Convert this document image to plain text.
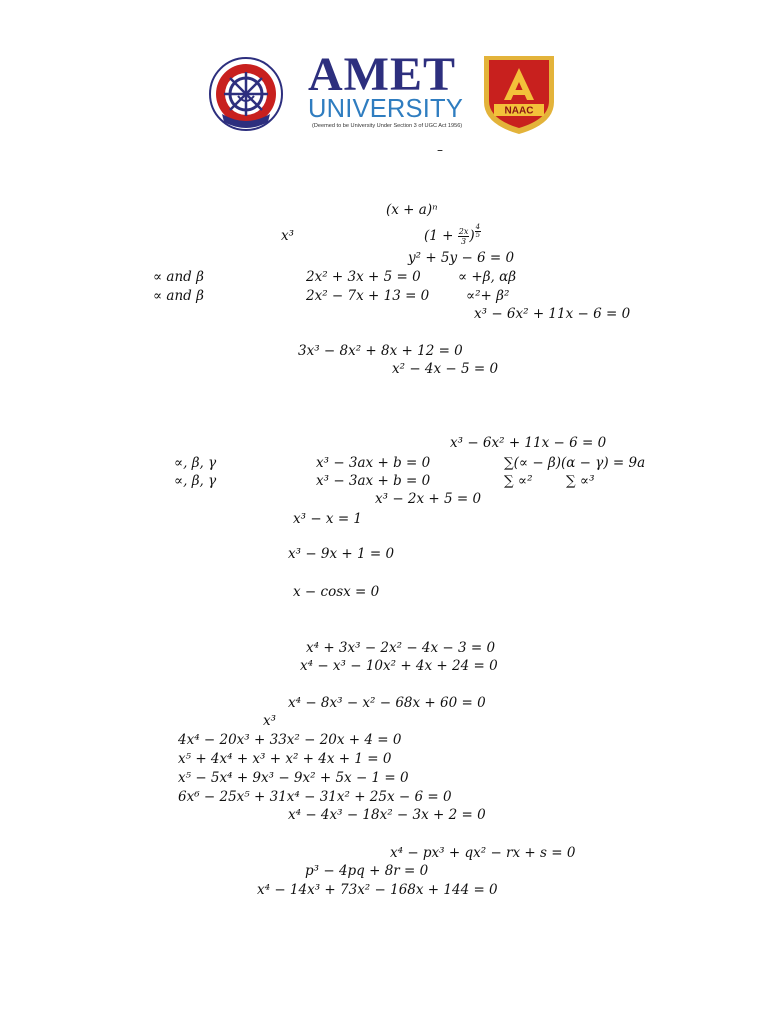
AMET
UNIVERSITY
(Deemed to be University Under Section 3 of UGC Act 1956)
NAAC
–
(x + a)ⁿ
x³	($1 + \frac{2x}{3}$ ) $^{\frac{4}{5}}$
y² + 5y − 6 = 0
∝ and β	2x² + 3x + 5 = 0	∝ +β, αβ
∝ and β	2x² − 7x + 13 = 0	∝²+ β²
x³ − 6x² + 11x − 6 = 0
3x³ − 8x² + 8x + 12 = 0
x² − 4x − 5 = 0
x³ − 6x² + 11x − 6 = 0
∝, β, γ	x³ − 3ax + b = 0	∑(∝ − β)(α − γ) = 9a
∝, β, γ	x³ − 3ax + b = 0	∑ ∝² ∑ ∝³
x³ − 2x + 5 = 0
x³ − x = 1
x³ − 9x + 1 = 0
x − cosx = 0
x⁴ + 3x³ − 2x² − 4x − 3 = 0
x⁴ − x³ − 10x² + 4x + 24 = 0
x⁴ − 8x³ − x² − 68x + 60 = 0
x³
4x⁴ − 20x³ + 33x² − 20x + 4 = 0
x⁵ + 4x⁴ + x³ + x² + 4x + 1 = 0
x⁵ − 5x⁴ + 9x³ − 9x² + 5x − 1 = 0
6x⁶ − 25x⁵ + 31x⁴ − 31x² + 25x − 6 = 0
x⁴ − 4x³ − 18x² − 3x + 2 = 0
x⁴ − px³ + qx² − rx + s = 0
p³ − 4pq + 8r = 0
x⁴ − 14x³ + 73x² − 168x + 144 = 0
